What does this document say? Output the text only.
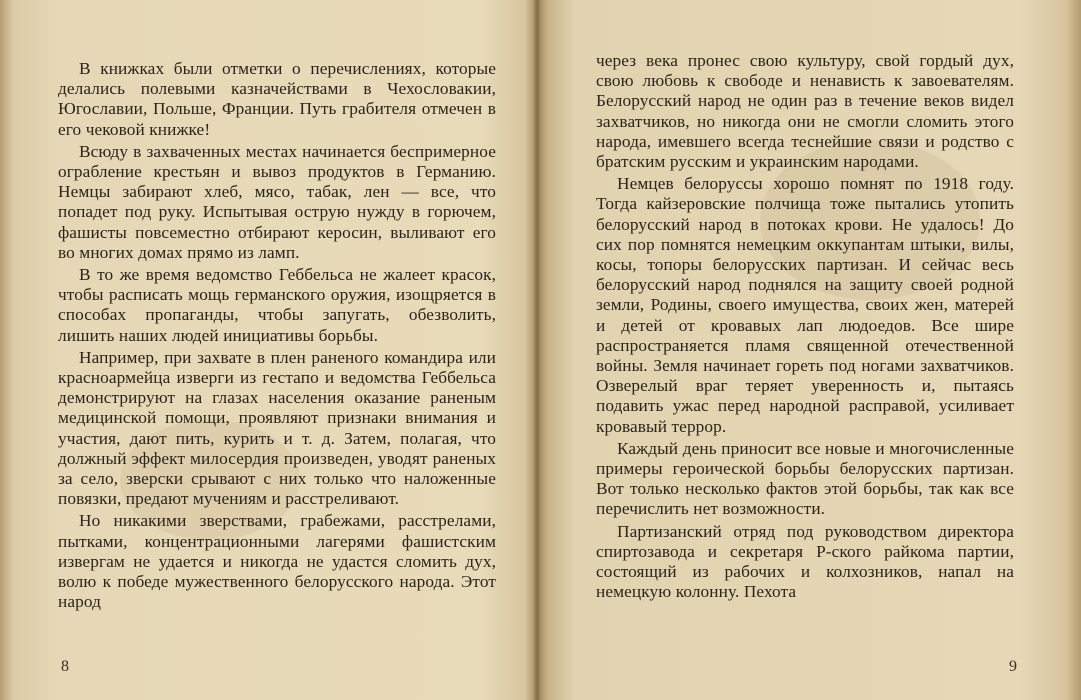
В книжках были отметки о перечислениях, которые делались полевыми казначействами в Чехословакии, Югославии, Польше, Франции. Путь грабителя отмечен в его чековой книжке!

Всюду в захваченных местах начинается беспримерное ограбление крестьян и вывоз продуктов в Германию. Немцы забирают хлеб, мясо, табак, лен — все, что попадет под руку. Испытывая острую нужду в горючем, фашисты повсеместно отбирают керосин, выливают его во многих домах прямо из ламп.

В то же время ведомство Геббельса не жалеет красок, чтобы расписать мощь германского оружия, изощряется в способах пропаганды, чтобы запугать, обезволить, лишить наших людей инициативы борьбы.

Например, при захвате в плен раненого командира или красноармейца изверги из гестапо и ведомства Геббельса демонстрируют на глазах населения оказание раненым медицинской помощи, проявляют признаки внимания и участия, дают пить, курить и т. д. Затем, полагая, что должный эффект милосердия произведен, уводят раненых за село, зверски срывают с них только что наложенные повязки, предают мучениям и расстреливают.

Но никакими зверствами, грабежами, расстрелами, пытками, концентрационными лагерями фашистским извергам не удается и никогда не удастся сломить дух, волю к победе мужественного белорусского народа. Этот народ

8

через века пронес свою культуру, свой гордый дух, свою любовь к свободе и ненависть к завоевателям. Белорусский народ не один раз в течение веков видел захватчиков, но никогда они не смогли сломить этого народа, имевшего всегда теснейшие связи и родство с братским русским и украинским народами.

Немцев белоруссы хорошо помнят по 1918 году. Тогда кайзеровские полчища тоже пытались утопить белорусский народ в потоках крови. Не удалось! До сих пор помнятся немецким оккупантам штыки, вилы, косы, топоры белорусских партизан. И сейчас весь белорусский народ поднялся на защиту своей родной земли, Родины, своего имущества, своих жен, матерей и детей от кровавых лап людоедов. Все шире распространяется пламя священной отечественной войны. Земля начинает гореть под ногами захватчиков. Озверелый враг теряет уверенность и, пытаясь подавить ужас перед народной расправой, усиливает кровавый террор.

Каждый день приносит все новые и многочисленные примеры героической борьбы белорусских партизан. Вот только несколько фактов этой борьбы, так как все перечислить нет возможности.

Партизанский отряд под руководством директора спиртозавода и секретаря Р-ского райкома партии, состоящий из рабочих и колхозников, напал на немецкую колонну. Пехота

9
